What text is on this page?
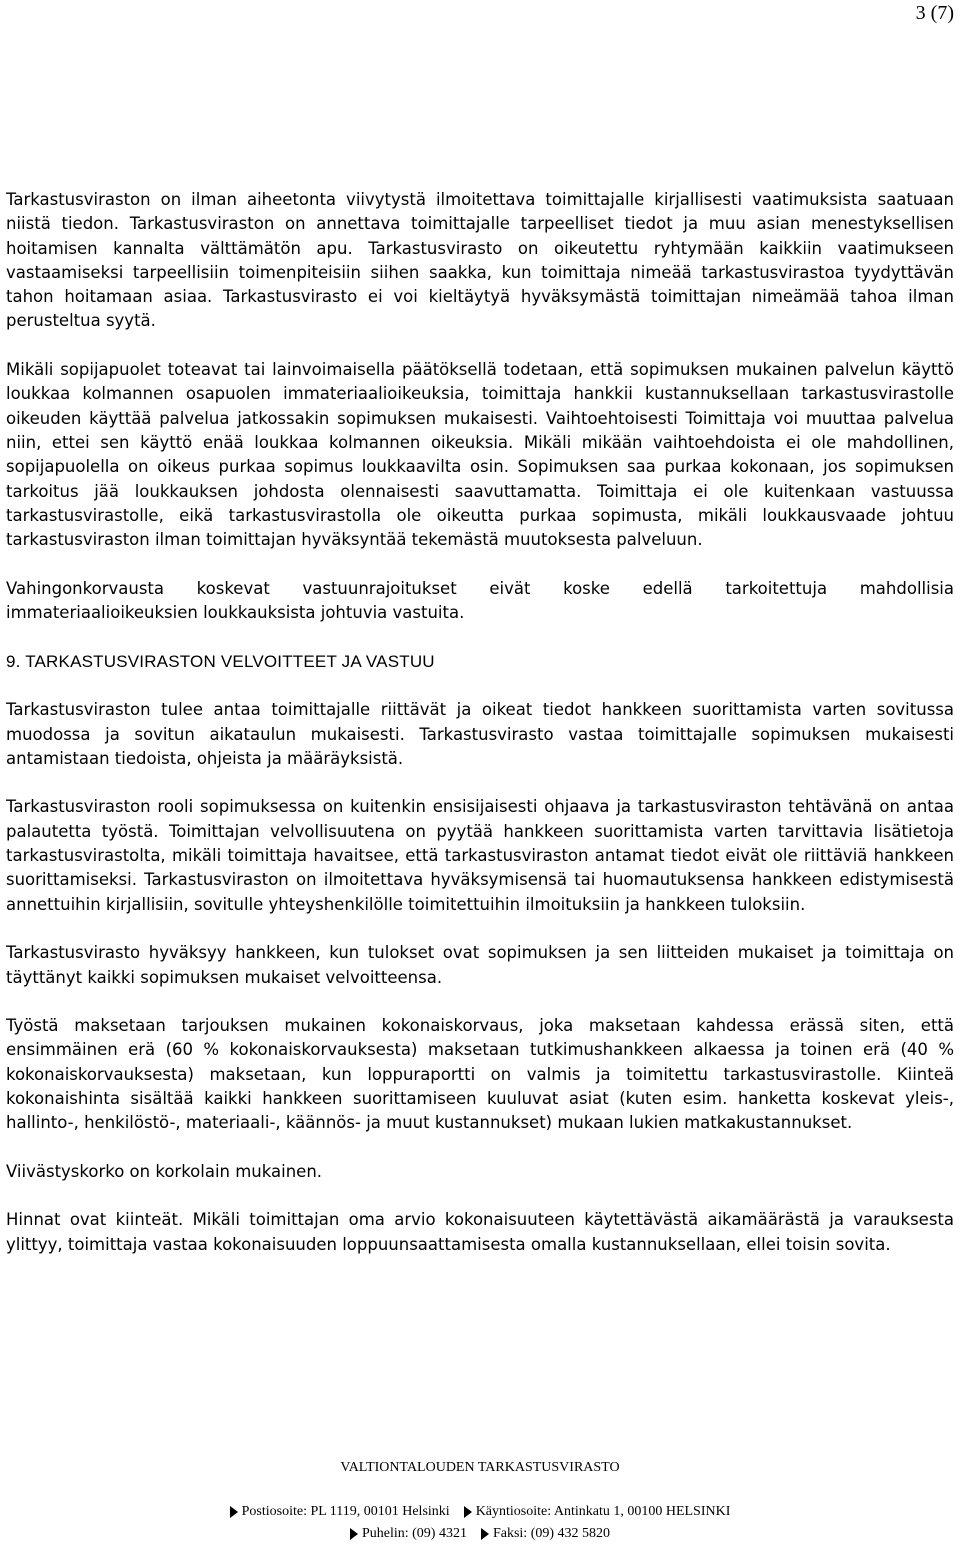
3 (7)

Tarkastusviraston on ilman aiheetonta viivytystä ilmoitettava toimittajalle kirjallisesti vaatimuksista saatuaan niistä tiedon. Tarkastusviraston on annettava toimittajalle tarpeelliset tiedot ja muu asian menestyksellisen hoitamisen kannalta välttämätön apu. Tarkastusvirasto on oikeutettu ryhtymään kaikkiin vaatimukseen vastaamiseksi tarpeellisiin toimenpiteisiin siihen saakka, kun toimittaja nimeää tarkastusvirastoa tyydyttävän tahon hoitamaan asiaa. Tarkastusvirasto ei voi kieltäytyä hyväksymästä toimittajan nimeämää tahoa ilman perusteltua syytä.

Mikäli sopijapuolet toteavat tai lainvoimaisella päätöksellä todetaan, että sopimuksen mukainen palvelun käyttö loukkaa kolmannen osapuolen immateriaalioikeuksia, toimittaja hankkii kustannuksellaan tarkastusvirastolle oikeuden käyttää palvelua jatkossakin sopimuksen mukaisesti. Vaihtoehtoisesti Toimittaja voi muuttaa palvelua niin, ettei sen käyttö enää loukkaa kolmannen oikeuksia. Mikäli mikään vaihtoehdoista ei ole mahdollinen, sopijapuolella on oikeus purkaa sopimus loukkaavilta osin. Sopimuksen saa purkaa kokonaan, jos sopimuksen tarkoitus jää loukkauksen johdosta olennaisesti saavuttamatta. Toimittaja ei ole kuitenkaan vastuussa tarkastusvirastolle, eikä tarkastusvirastolla ole oikeutta purkaa sopimusta, mikäli loukkausvaade johtuu tarkastusviraston ilman toimittajan hyväksyntää tekemästä muutoksesta palveluun.

Vahingonkorvausta koskevat vastuunrajoitukset eivät koske edellä tarkoitettuja mahdollisia immateriaalioikeuksien loukkauksista johtuvia vastuita.

9. TARKASTUSVIRASTON VELVOITTEET JA VASTUU

Tarkastusviraston tulee antaa toimittajalle riittävät ja oikeat tiedot hankkeen suorittamista varten sovitussa muodossa ja sovitun aikataulun mukaisesti. Tarkastusvirasto vastaa toimittajalle sopimuksen mukaisesti antamistaan tiedoista, ohjeista ja määräyksistä.

Tarkastusviraston rooli sopimuksessa on kuitenkin ensisijaisesti ohjaava ja tarkastusviraston tehtävänä on antaa palautetta työstä. Toimittajan velvollisuutena on pyytää hankkeen suorittamista varten tarvittavia lisätietoja tarkastusvirastolta, mikäli toimittaja havaitsee, että tarkastusviraston antamat tiedot eivät ole riittäviä hankkeen suorittamiseksi. Tarkastusviraston on ilmoitettava hyväksymisensä tai huomautuksensa hankkeen edistymisestä annettuihin kirjallisiin, sovitulle yhteyshenkilölle toimitettuihin ilmoituksiin ja hankkeen tuloksiin.

Tarkastusvirasto hyväksyy hankkeen, kun tulokset ovat sopimuksen ja sen liitteiden mukaiset ja toimittaja on täyttänyt kaikki sopimuksen mukaiset velvoitteensa.

Työstä maksetaan tarjouksen mukainen kokonaiskorvaus, joka maksetaan kahdessa erässä siten, että ensimmäinen erä (60 % kokonaiskorvauksesta) maksetaan tutkimushankkeen alkaessa ja toinen erä (40 % kokonaiskorvauksesta) maksetaan, kun loppuraportti on valmis ja toimitettu tarkastusvirastolle. Kiinteä kokonaishinta sisältää kaikki hankkeen suorittamiseen kuuluvat asiat (kuten esim. hanketta koskevat yleis-, hallinto-, henkilöstö-, materiaali-, käännös- ja muut kustannukset) mukaan lukien matkakustannukset.

Viivästyskorko on korkolain mukainen.

Hinnat ovat kiinteät. Mikäli toimittajan oma arvio kokonaisuuteen käytettävästä aikamäärästä ja varauksesta ylittyy, toimittaja vastaa kokonaisuuden loppuunsaattamisesta omalla kustannuksellaan, ellei toisin sovita.

VALTIONTALOUDEN TARKASTUSVIRASTO
Postiosoite: PL 1119, 00101 Helsinki Käyntiosoite: Antinkatu 1, 00100 HELSINKI
Puhelin: (09) 4321 Faksi: (09) 432 5820
